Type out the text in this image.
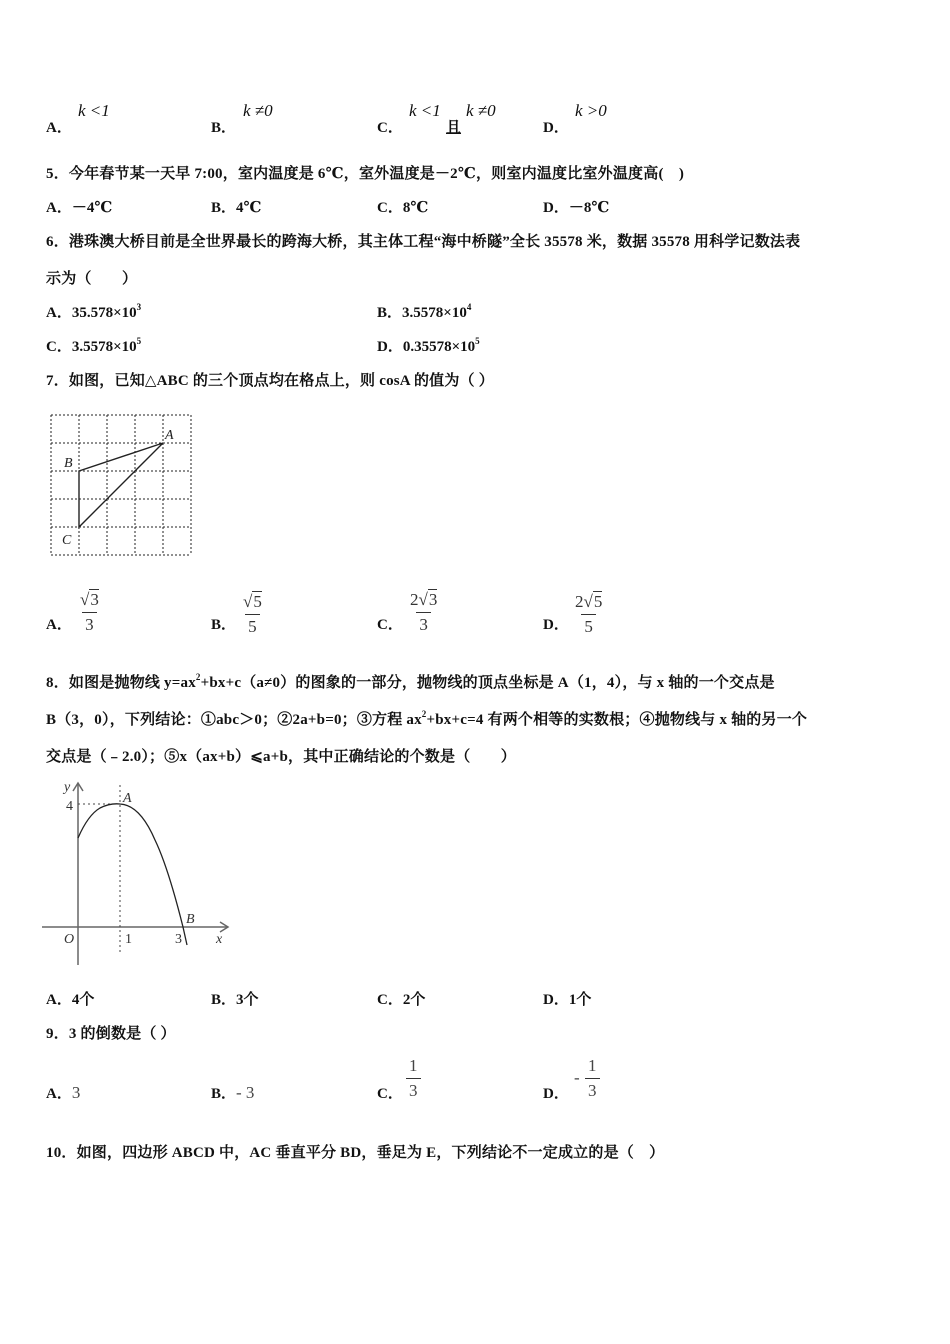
A．
k <1
B．
k ≠0
C．
k <1
且
k ≠0
D．
k >0
5．今年春节某一天早 7:00，室内温度是 6℃，室外温度是－2℃，则室内温度比室外温度高(　)
A．－4℃	B．4℃	C．8℃	D．－8℃
6．港珠澳大桥目前是全世界最长的跨海大桥，其主体工程“海中桥隧”全长 35578 米，数据 35578 用科学记数法表
示为（　　）
A．$35.578\times 10^3$	B．$3.5578\times 10^4$
C．$3.5578\times 10^5$	D．$0.35578\times 10^5$
7．如图，已知△ABC 的三个顶点均在格点上，则 cosA 的值为（ ）
A
B
C
A． $\frac{√3}{3}$	B． $\frac{√5}{5}$	C． $\frac{2√3}{3}$	D． $\frac{2√5}{5}$
8．如图是抛物线 $y=ax^2+bx+c(a\ne 0)$的图象的一部分，抛物线的顶点坐标是 A（1，4），与 x 轴的一个交点是
B（3，0），下列结论：①abc＞0；②2a+b=0；③方程 $ax^2+bx+c=4$ 有两个相等的实数根；④抛物线与 x 轴的另一个
交点是（﹣2.0）；⑤x（ax+b）⩽a+b，其中正确结论的个数是（　　）
y
4
A
B
O	1	3 x
A．4个	B．3个	C．2个	D．1个
9．3 的倒数是（ ）
A．3	B．- 3	C． $\frac{1}{3}$	D．
- $\frac{1}{3}$
10．如图，四边形 ABCD 中，AC 垂直平分 BD，垂足为 E，下列结论不一定成立的是（　）
